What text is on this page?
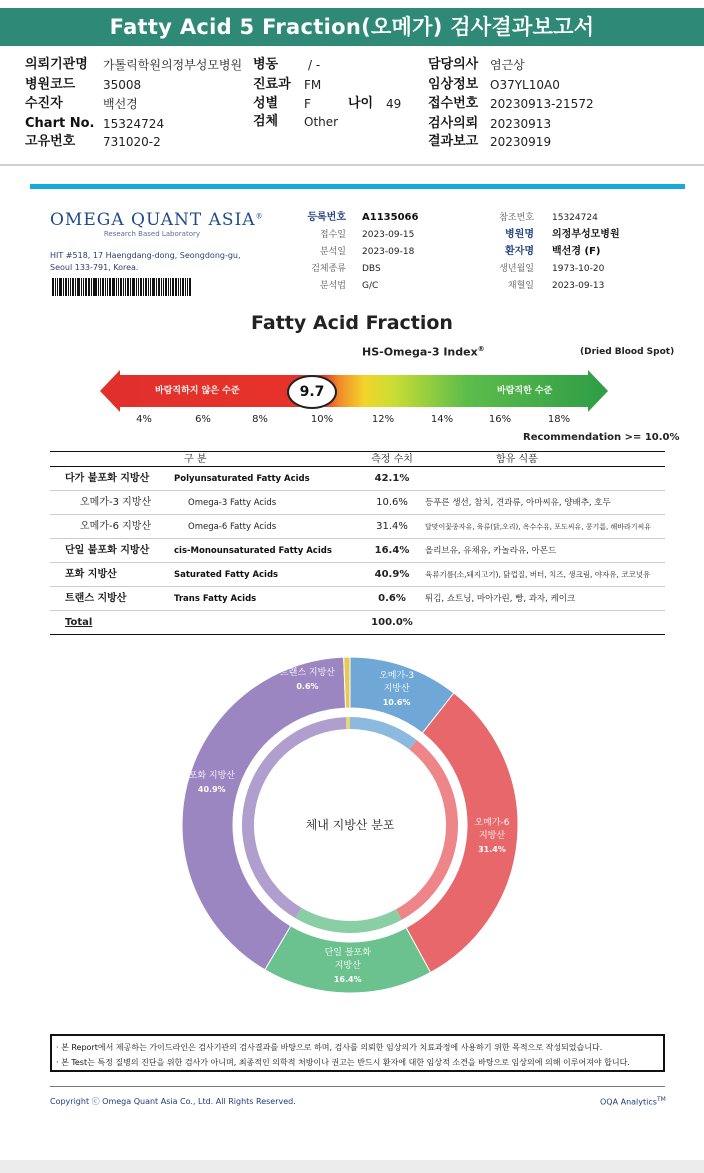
Fatty Acid 5 Fraction(오메가) 검사결과보고서
의뢰기관명 가톨릭학원의정부성모병원
병원코드 35008
수진자	백선경
Chart No. 15324724
고유번호 731020-2
병동 / -
진료과 FM
성별 F	나이 49
검체 Other
담당의사 염근상
임상정보 O37YL10A0
접수번호 20230913-21572
검사의뢰 20230913
결과보고 20230919
OMEGA QUANT ASIA®
Research Based Laboratory
HIT #518, 17 Haengdang-dong, Seongdong-gu,
Seoul 133-791, Korea.
등록번호 A1135066
접수일 2023-09-15
분석일 2023-09-18
검체종류 DBS
분석법 G/C
참조번호 15324724
병원명 의정부성모병원
환자명 백선경 (F)
생년월일 1973-10-20
채혈일 2023-09-13
Fatty Acid Fraction
HS-Omega-3 Index®	(Dried Blood Spot)
바람직하지 않은 수준	바람직한 수준
9.7
4%	6%	8%	10%	12%	14%	16%	18%
Recommendation >= 10.0%
구 분	측정 수치	함유 식품
다가 불포화 지방산	Polyunsaturated Fatty Acids	42.1%
오메가-3 지방산	Omega-3 Fatty Acids	10.6%	등푸른 생선, 참치, 견과류, 아마씨유, 양배추, 호두
오메가-6 지방산	Omega-6 Fatty Acids	31.4%	달맞이꽃종자유, 육류(닭,오리), 옥수수유, 포도씨유, 콩기름, 해바라기씨유
단일 불포화 지방산	cis-Monounsaturated Fatty Acids	16.4%	올리브유, 유채유, 카놀라유, 아몬드
포화 지방산	Saturated Fatty Acids	40.9%	육류기름(소,돼지고기), 닭껍질, 버터, 치즈, 생크림, 야자유, 코코넛유
트랜스 지방산	Trans Fatty Acids	0.6%	튀김, 쇼트닝, 마아가린, 빵, 과자, 케이크
Total	100.0%
체내 지방산 분포
오메가-3
지방산
10.6%
오메가-6
지방산
31.4%
단일 불포화
지방산
16.4%
포화 지방산
40.9%
트랜스 지방산
0.6%
· 본 Report에서 제공하는 가이드라인은 검사기관의 검사결과를 바탕으로 하며, 검사를 의뢰한 임상의가 치료과정에 사용하기 위한 목적으로 작성되었습니다.
· 본 Test는 특정 질병의 진단을 위한 검사가 아니며, 최종적인 의학적 처방이나 권고는 반드시 환자에 대한 임상적 소견을 바탕으로 임상의에 의해 이루어져야 합니다.
Copyright ⓒ Omega Quant Asia Co., Ltd. All Rights Reserved.	OQA Analytics™
